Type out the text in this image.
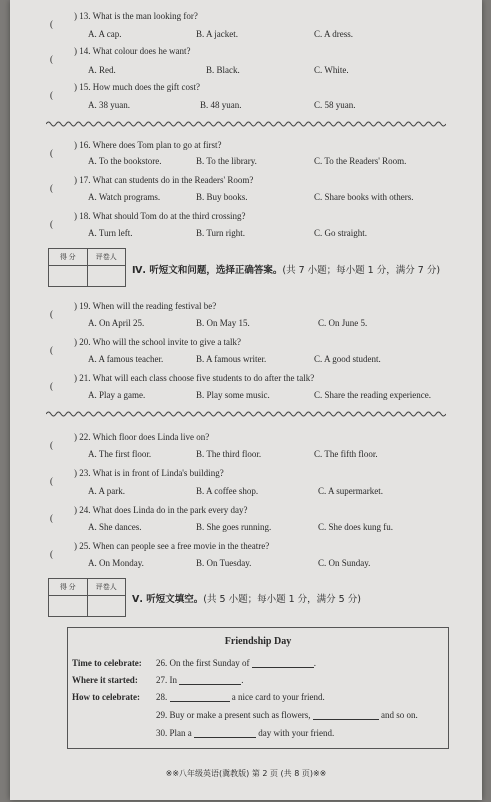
(
) 13. What is the man looking for?
A. A cap.	B. A jacket.	C. A dress.
(
) 14. What colour does he want?
A. Red.	B. Black.	C. White.
(
) 15. How much does the gift cost?
A. 38 yuan.	B. 48 yuan.	C. 58 yuan.
(
) 16. Where does Tom plan to go at first?
A. To the bookstore.	B. To the library.	C. To the Readers' Room.
(
) 17. What can students do in the Readers' Room?
A. Watch programs.	B. Buy books.	C. Share books with others.
(
) 18. What should Tom do at the third crossing?
A. Turn left.	B. Turn right.	C. Go straight.
得 分	评卷人
Ⅳ. 听短文和问题，选择正确答案。(共 7 小题；每小题 1 分，满分 7 分)
(
) 19. When will the reading festival be?
A. On April 25.	B. On May 15.	C. On June 5.
(
) 20. Who will the school invite to give a talk?
A. A famous teacher.	B. A famous writer.	C. A good student.
(
) 21. What will each class choose five students to do after the talk?
A. Play a game.	B. Play some music.	C. Share the reading experience.
(
) 22. Which floor does Linda live on?
A. The first floor.	B. The third floor.	C. The fifth floor.
(
) 23. What is in front of Linda's building?
A. A park.	B. A coffee shop.	C. A supermarket.
(
) 24. What does Linda do in the park every day?
A. She dances.	B. She goes running.	C. She does kung fu.
(
) 25. When can people see a free movie in the theatre?
A. On Monday.	B. On Tuesday.	C. On Sunday.
得 分	评卷人
Ⅴ. 听短文填空。(共 5 小题；每小题 1 分，满分 5 分)
Friendship Day
Time to celebrate: 26. On the first Sunday of	.
Where it started: 27. In	.
How to celebrate: 28.	a nice card to your friend.
29. Buy or make a present such as flowers,	and so on.
30. Plan a	day with your friend.
※※八年级英语(冀教版) 第 2 页 (共 8 页)※※
